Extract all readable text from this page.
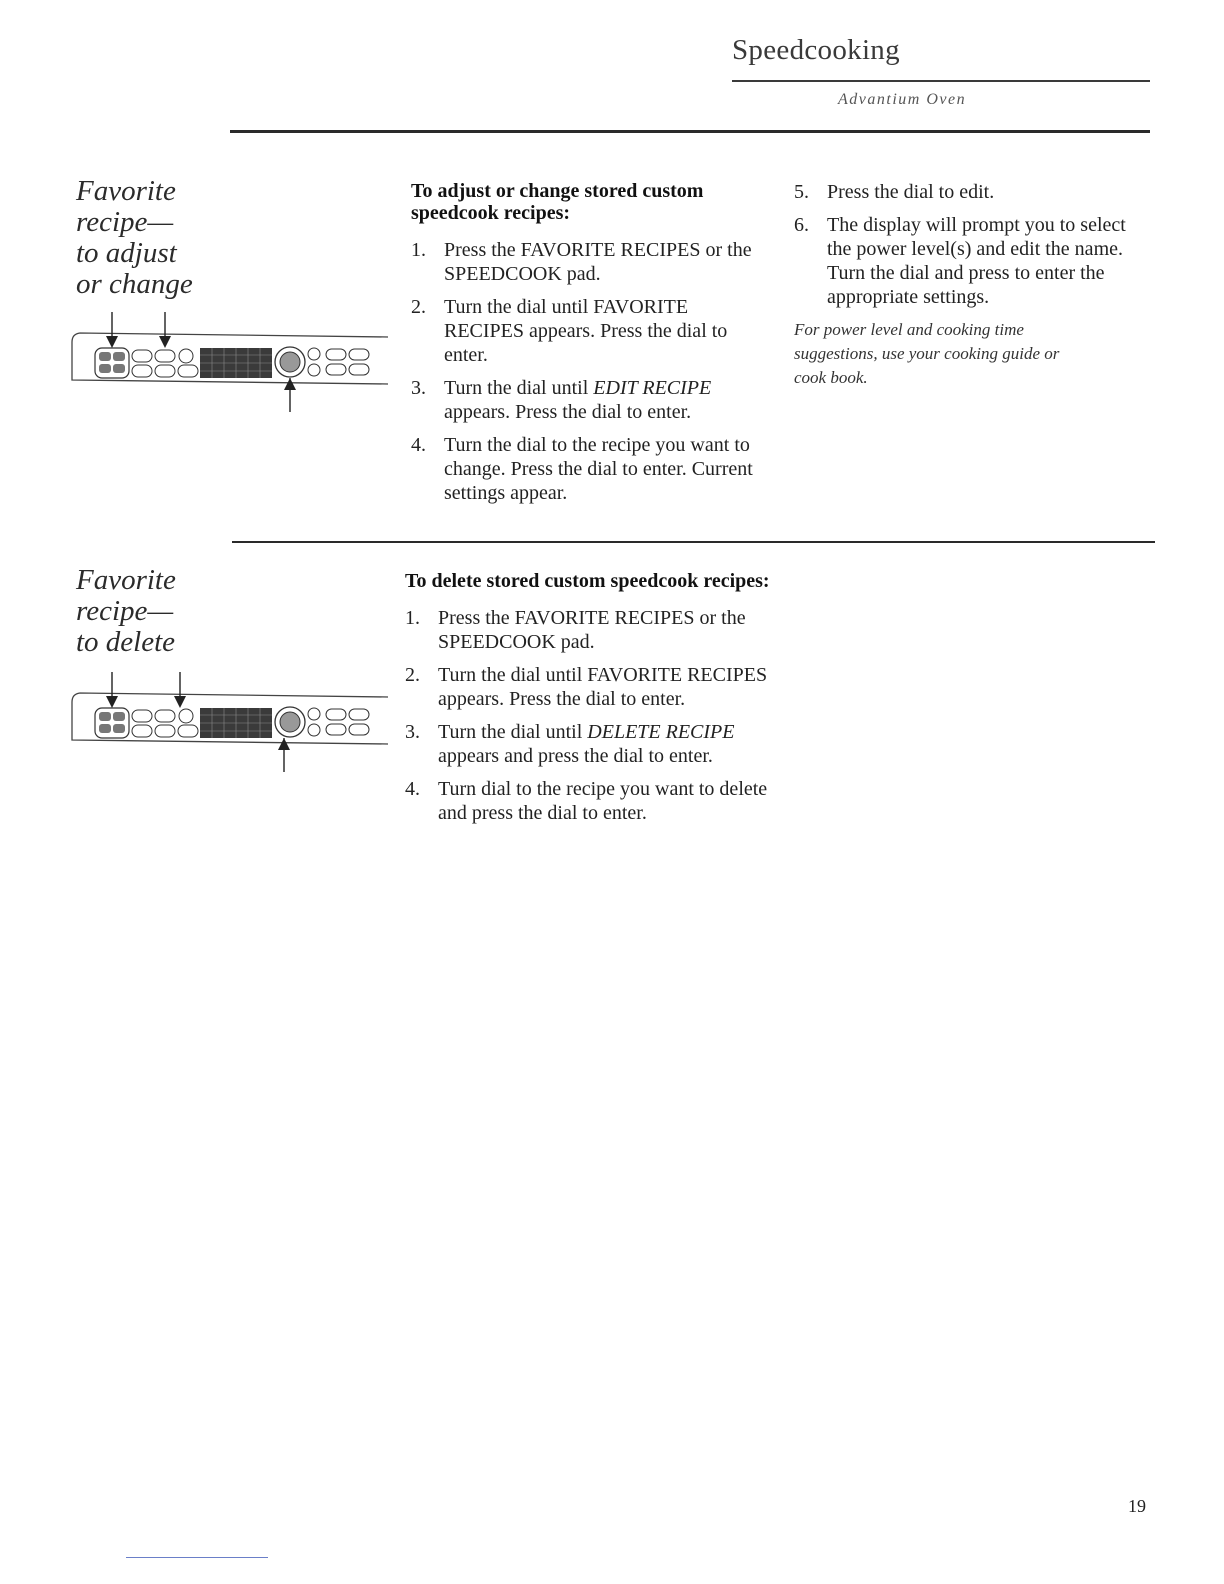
Speedcooking
Advantium Oven
Favorite
recipe—
to adjust
or change
To adjust or change stored custom speedcook recipes:
1. Press the FAVORITE RECIPES or the SPEEDCOOK pad.
2. Turn the dial until FAVORITE RECIPES appears. Press the dial to enter.
3. Turn the dial until EDIT RECIPE appears. Press the dial to enter.
4. Turn the dial to the recipe you want to change. Press the dial to enter. Current settings appear.
5. Press the dial to edit.
6. The display will prompt you to select the power level(s) and edit the name. Turn the dial and press to enter the appropriate settings.
For power level and cooking time suggestions, use your cooking guide or cook book.
Favorite
recipe—
to delete
To delete stored custom speedcook recipes:
1. Press the FAVORITE RECIPES or the SPEEDCOOK pad.
2. Turn the dial until FAVORITE RECIPES appears. Press the dial to enter.
3. Turn the dial until DELETE RECIPE appears and press the dial to enter.
4. Turn dial to the recipe you want to delete and press the dial to enter.
19
